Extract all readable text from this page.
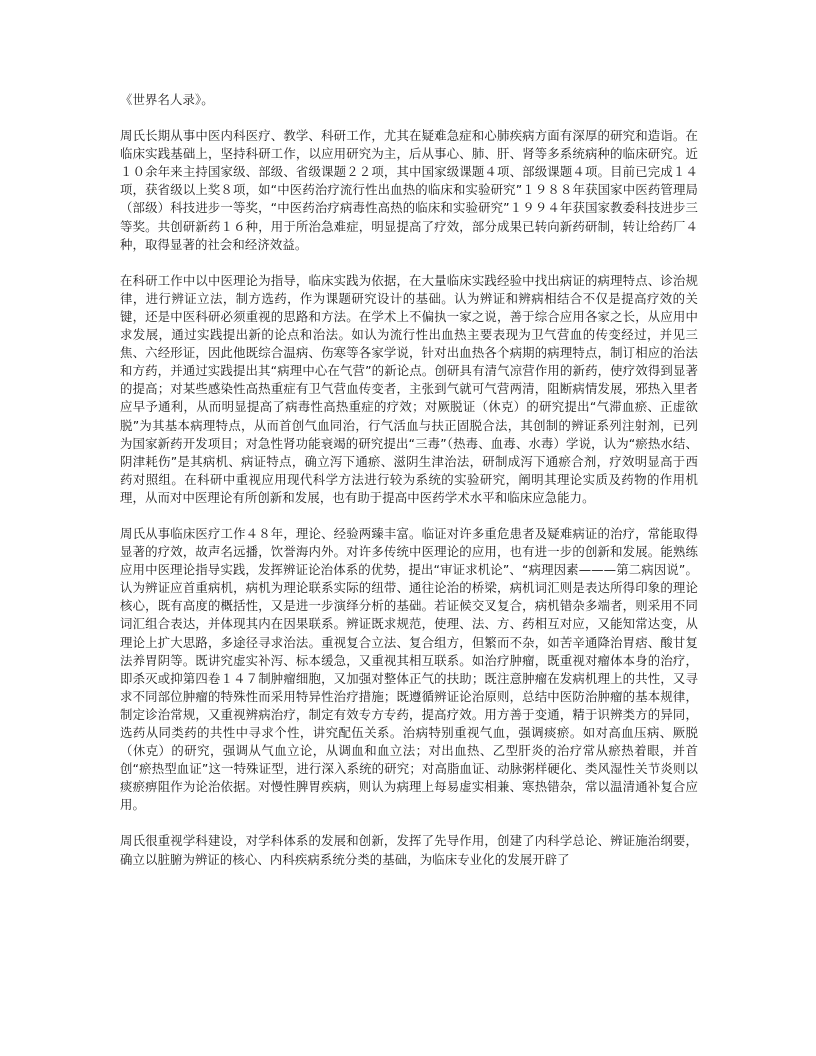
《世界名人录》。

周氏长期从事中医内科医疗、教学、科研工作，尤其在疑难急症和心肺疾病方面有深厚的研究和造诣。在临床实践基础上，坚持科研工作，以应用研究为主，后从事心、肺、肝、肾等多系统病种的临床研究。近１０余年来主持国家级、部级、省级课题２２项，其中国家级课题４项、部级课题４项。目前已完成１４项，获省级以上奖８项，如“中医药治疗流行性出血热的临床和实验研究”１９８８年获国家中医药管理局（部级）科技进步一等奖，“中医药治疗病毒性高热的临床和实验研究”１９９４年获国家教委科技进步三等奖。共创研新药１６种，用于所治急难症，明显提高了疗效，部分成果已转向新药研制，转让给药厂４种，取得显著的社会和经济效益。

在科研工作中以中医理论为指导，临床实践为依据，在大量临床实践经验中找出病证的病理特点、诊治规律，进行辨证立法，制方选药，作为课题研究设计的基础。认为辨证和辨病相结合不仅是提高疗效的关键，还是中医科研必须重视的思路和方法。在学术上不偏执一家之说，善于综合应用各家之长，从应用中求发展，通过实践提出新的论点和治法。如认为流行性出血热主要表现为卫气营血的传变经过，并见三焦、六经形证，因此他既综合温病、伤寒等各家学说，针对出血热各个病期的病理特点，制订相应的治法和方药，并通过实践提出其“病理中心在气营”的新论点。创研具有清气凉营作用的新药，使疗效得到显著的提高；对某些感染性高热重症有卫气营血传变者，主张到气就可气营两清，阻断病情发展，邪热入里者应早予通利，从而明显提高了病毒性高热重症的疗效；对厥脱证（休克）的研究提出“气滞血瘀、正虚欲脱”为其基本病理特点，从而首创气血同治，行气活血与扶正固脱合法，其创制的辨证系列注射剂，已列为国家新药开发项目；对急性肾功能衰竭的研究提出“三毒”（热毒、血毒、水毒）学说，认为“瘀热水结、阴津耗伤”是其病机、病证特点，确立泻下通瘀、滋阴生津治法，研制成泻下通瘀合剂，疗效明显高于西药对照组。在科研中重视应用现代科学方法进行较为系统的实验研究，阐明其理论实质及药物的作用机理，从而对中医理论有所创新和发展，也有助于提高中医药学术水平和临床应急能力。

周氏从事临床医疗工作４８年，理论、经验两臻丰富。临证对许多重危患者及疑难病证的治疗，常能取得显著的疗效，故声名远播，饮誉海内外。对许多传统中医理论的应用，也有进一步的创新和发展。能熟练应用中医理论指导实践，发挥辨证论治体系的优势，提出“审证求机论”、“病理因素———第二病因说”。认为辨证应首重病机，病机为理论联系实际的纽带、通往论治的桥梁，病机词汇则是表达所得印象的理论核心，既有高度的概括性，又是进一步演绎分析的基础。若证候交叉复合，病机错杂多端者，则采用不同词汇组合表达，并体现其内在因果联系。辨证既求规范，使理、法、方、药相互对应，又能知常达变，从理论上扩大思路，多途径寻求治法。重视复合立法、复合组方，但繁而不杂，如苦辛通降治胃痞、酸甘复法养胃阴等。既讲究虚实补泻、标本缓急，又重视其相互联系。如治疗肿瘤，既重视对瘤体本身的治疗，即杀灭或抑第四卷１４７制肿瘤细胞，又加强对整体正气的扶助；既注意肿瘤在发病机理上的共性，又寻求不同部位肿瘤的特殊性而采用特异性治疗措施；既遵循辨证论治原则，总结中医防治肿瘤的基本规律，制定诊治常规，又重视辨病治疗，制定有效专方专药，提高疗效。用方善于变通，精于识辨类方的异同，选药从同类药的共性中寻求个性，讲究配伍关系。治病特别重视气血，强调痰瘀。如对高血压病、厥脱（休克）的研究，强调从气血立论，从调血和血立法；对出血热、乙型肝炎的治疗常从瘀热着眼，并首创“瘀热型血证”这一特殊证型，进行深入系统的研究；对高脂血证、动脉粥样硬化、类风湿性关节炎则以痰瘀痹阻作为论治依据。对慢性脾胃疾病，则认为病理上每易虚实相兼、寒热错杂，常以温清通补复合应用。

周氏很重视学科建设，对学科体系的发展和创新，发挥了先导作用，创建了内科学总论、辨证施治纲要，确立以脏腑为辨证的核心、内科疾病系统分类的基础，为临床专业化的发展开辟了
